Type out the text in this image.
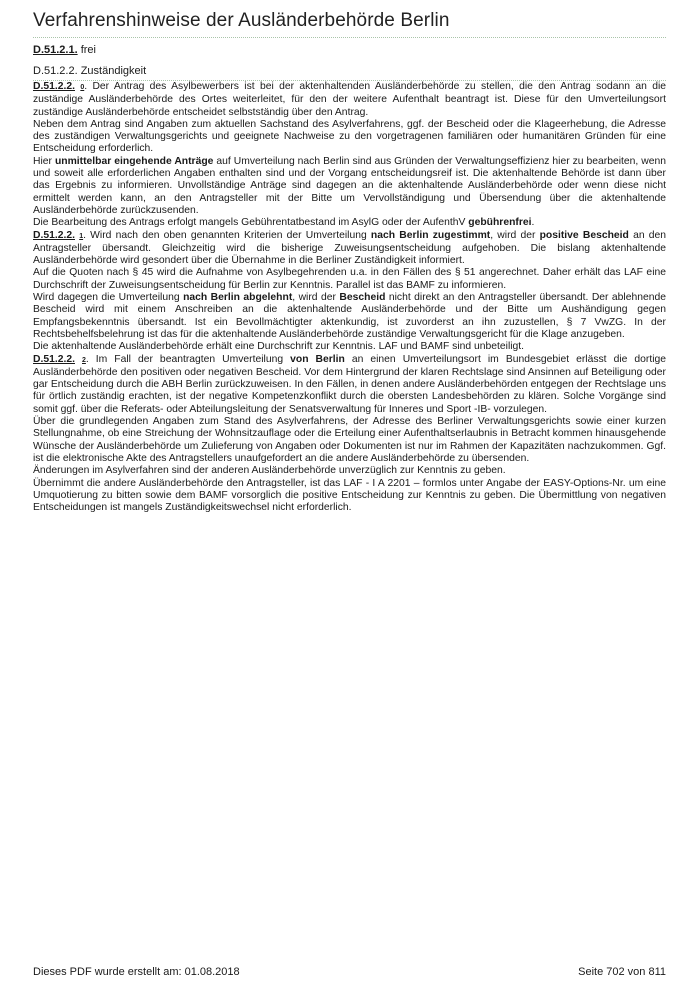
Verfahrenshinweise der Ausländerbehörde Berlin
D.51.2.1. frei
D.51.2.2. Zuständigkeit

D.51.2.2. 0. Der Antrag des Asylbewerbers ist bei der aktenhaltenden Ausländerbehörde zu stellen, die den Antrag sodann an die zuständige Ausländerbehörde des Ortes weiterleitet, für den der weitere Aufenthalt beantragt ist. Diese für den Umverteilungsort zuständige Ausländerbehörde entscheidet selbstständig über den Antrag.

Neben dem Antrag sind Angaben zum aktuellen Sachstand des Asylverfahrens, ggf. der Bescheid oder die Klageerhebung, die Adresse des zuständigen Verwaltungsgerichts und geeignete Nachweise zu den vorgetragenen familiären oder humanitären Gründen für eine Entscheidung erforderlich.

Hier unmittelbar eingehende Anträge auf Umverteilung nach Berlin sind aus Gründen der Verwaltungseffizienz hier zu bearbeiten, wenn und soweit alle erforderlichen Angaben enthalten sind und der Vorgang entscheidungsreif ist. Die aktenhaltende Behörde ist dann über das Ergebnis zu informieren. Unvollständige Anträge sind dagegen an die aktenhaltende Ausländerbehörde oder wenn diese nicht ermittelt werden kann, an den Antragsteller mit der Bitte um Vervollständigung und Übersendung über die aktenhaltende Ausländerbehörde zurückzusenden.

Die Bearbeitung des Antrags erfolgt mangels Gebührentatbestand im AsylG oder der AufenthV gebührenfrei.

D.51.2.2. 1. Wird nach den oben genannten Kriterien der Umverteilung nach Berlin zugestimmt, wird der positive Bescheid an den Antragsteller übersandt. Gleichzeitig wird die bisherige Zuweisungsentscheidung aufgehoben. Die bislang aktenhaltende Ausländerbehörde wird gesondert über die Übernahme in die Berliner Zuständigkeit informiert.

Auf die Quoten nach § 45 wird die Aufnahme von Asylbegehrenden u.a. in den Fällen des § 51 angerechnet. Daher erhält das LAF eine Durchschrift der Zuweisungsentscheidung für Berlin zur Kenntnis. Parallel ist das BAMF zu informieren.

Wird dagegen die Umverteilung nach Berlin abgelehnt, wird der Bescheid nicht direkt an den Antragsteller übersandt. Der ablehnende Bescheid wird mit einem Anschreiben an die aktenhaltende Ausländerbehörde und der Bitte um Aushändigung gegen Empfangsbekenntnis übersandt. Ist ein Bevollmächtigter aktenkundig, ist zuvorderst an ihn zuzustellen, § 7 VwZG. In der Rechtsbehelfsbelehrung ist das für die aktenhaltende Ausländerbehörde zuständige Verwaltungsgericht für die Klage anzugeben.

Die aktenhaltende Ausländerbehörde erhält eine Durchschrift zur Kenntnis. LAF und BAMF sind unbeteiligt.

D.51.2.2. 2. Im Fall der beantragten Umverteilung von Berlin an einen Umverteilungsort im Bundesgebiet erlässt die dortige Ausländerbehörde den positiven oder negativen Bescheid. Vor dem Hintergrund der klaren Rechtslage sind Ansinnen auf Beteiligung oder gar Entscheidung durch die ABH Berlin zurückzuweisen. In den Fällen, in denen andere Ausländerbehörden entgegen der Rechtslage uns für örtlich zuständig erachten, ist der negative Kompetenzkonflikt durch die obersten Landesbehörden zu klären. Solche Vorgänge sind somit ggf. über die Referats- oder Abteilungsleitung der Senatsverwaltung für Inneres und Sport -IB- vorzulegen.

Über die grundlegenden Angaben zum Stand des Asylverfahrens, der Adresse des Berliner Verwaltungsgerichts sowie einer kurzen Stellungnahme, ob eine Streichung der Wohnsitzauflage oder die Erteilung einer Aufenthaltserlaubnis in Betracht kommen hinausgehende Wünsche der Ausländerbehörde um Zulieferung von Angaben oder Dokumenten ist nur im Rahmen der Kapazitäten nachzukommen. Ggf. ist die elektronische Akte des Antragstellers unaufgefordert an die andere Ausländerbehörde zu übersenden.

Änderungen im Asylverfahren sind der anderen Ausländerbehörde unverzüglich zur Kenntnis zu geben.

Übernimmt die andere Ausländerbehörde den Antragsteller, ist das LAF - I A 2201 – formlos unter Angabe der EASY-Options-Nr. um eine Umquotierung zu bitten sowie dem BAMF vorsorglich die positive Entscheidung zur Kenntnis zu geben. Die Übermittlung von negativen Entscheidungen ist mangels Zuständigkeitswechsel nicht erforderlich.

Dieses PDF wurde erstellt am: 01.08.2018	Seite 702 von 811
